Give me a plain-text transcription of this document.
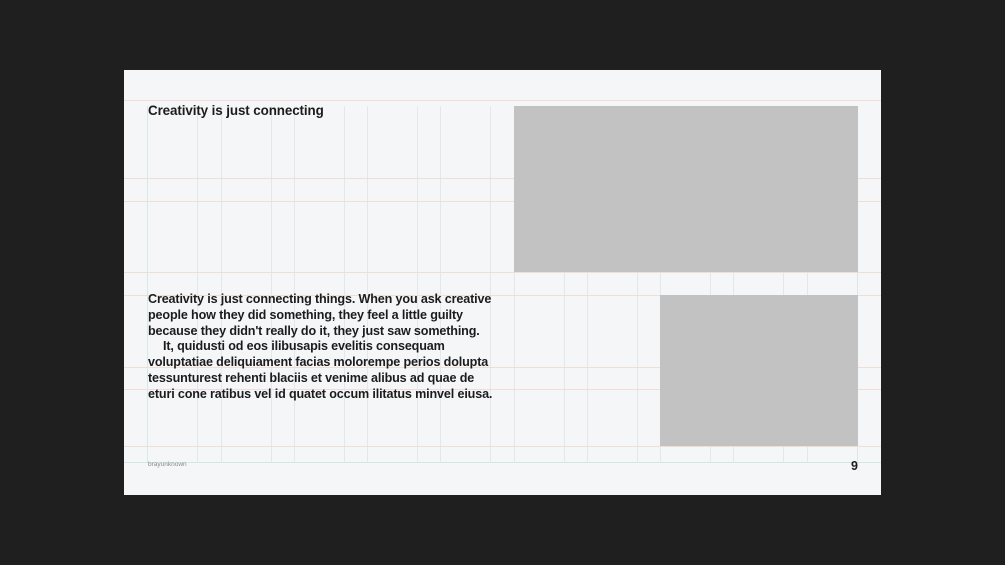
Creativity is just connecting

Creativity is just connecting things. When you ask creative people how they did something, they feel a little guilty because they didn't really do it, they just saw something.

It, quidusti od eos ilibusapis evelitis consequam voluptatiae deliquiament facias molorempe perios dolupta tessunturest rehenti blaciis et venime alibus ad quae de eturi cone ratibus vel id quatet occum ilitatus minvel eiusa.

brayunknown	9
